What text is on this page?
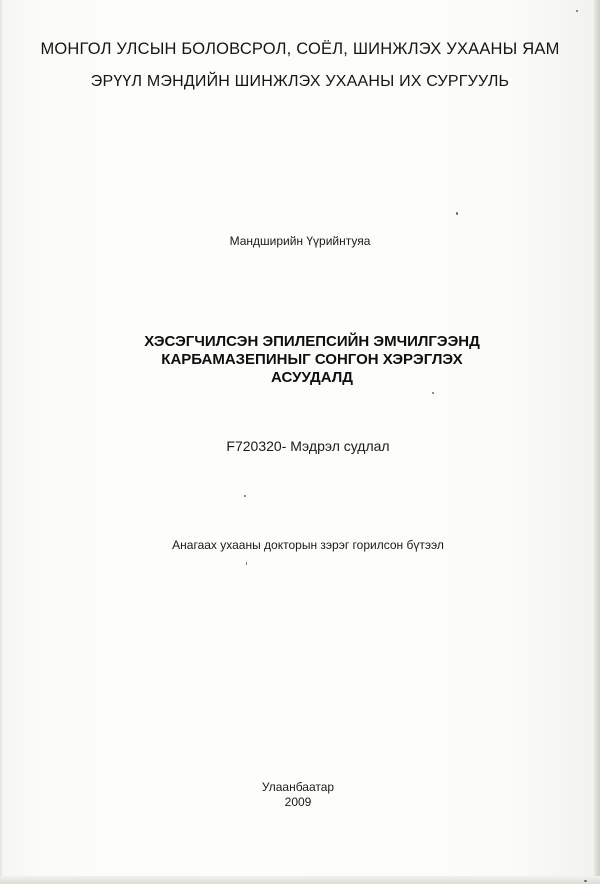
МОНГОЛ УЛСЫН БОЛОВСРОЛ, СОЁЛ, ШИНЖЛЭХ УХААНЫ ЯАМ
ЭРҮҮЛ МЭНДИЙН ШИНЖЛЭХ УХААНЫ ИХ СУРГУУЛЬ
Мандширийн Үүрийнтуяа
ХЭСЭГЧИЛСЭН ЭПИЛЕПСИЙН ЭМЧИЛГЭЭНД
КАРБАМАЗЕПИНЫГ СОНГОН ХЭРЭГЛЭХ
АСУУДАЛД
F720320- Мэдрэл судлал
Анагаах ухааны докторын зэрэг горилсон бүтээл
Улаанбаатар
2009
